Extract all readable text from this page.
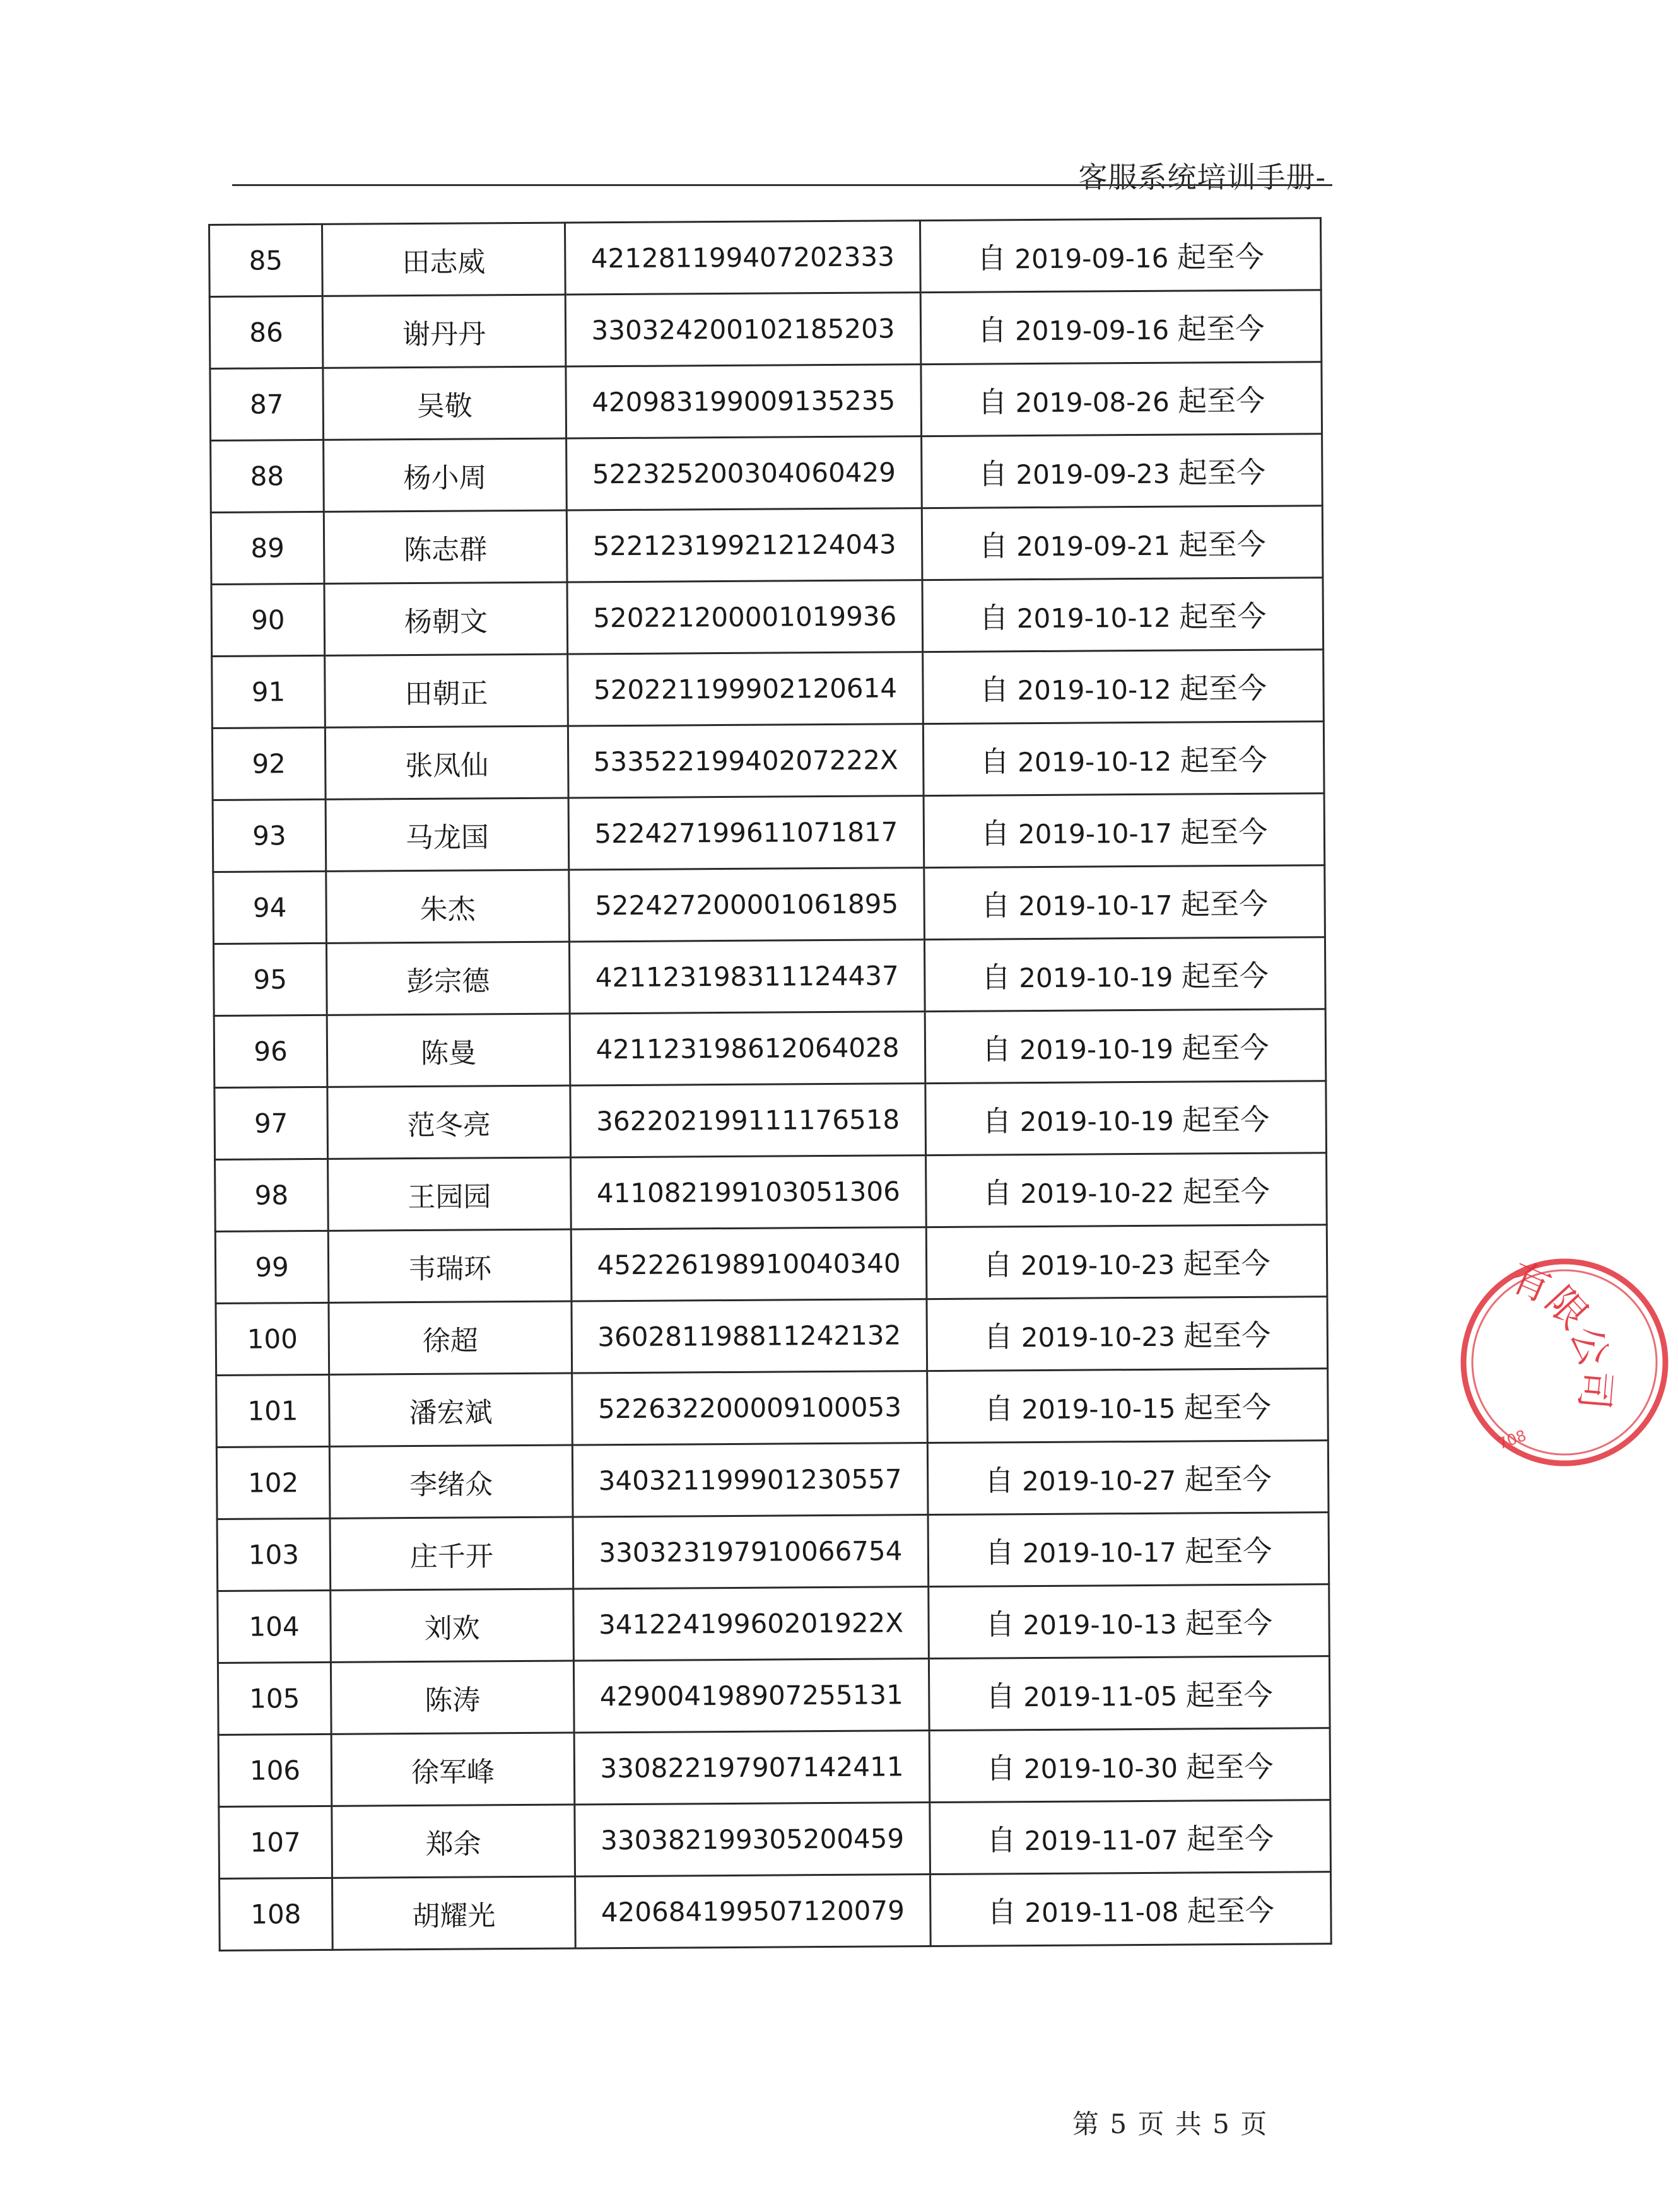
客服系统培训手册-
85	田志威	421281199407202333	自 2019-09-16 起至今
86	谢丹丹	330324200102185203	自 2019-09-16 起至今
87	吴敬	420983199009135235	自 2019-08-26 起至今
88	杨小周	522325200304060429	自 2019-09-23 起至今
89	陈志群	522123199212124043	自 2019-09-21 起至今
90	杨朝文	520221200001019936	自 2019-10-12 起至今
91	田朝正	520221199902120614	自 2019-10-12 起至今
92	张凤仙	53352219940207222X	自 2019-10-12 起至今
93	马龙国	522427199611071817	自 2019-10-17 起至今
94	朱杰	522427200001061895	自 2019-10-17 起至今
95	彭宗德	421123198311124437	自 2019-10-19 起至今
96	陈曼	421123198612064028	自 2019-10-19 起至今
97	范冬亮	362202199111176518	自 2019-10-19 起至今
98	王园园	411082199103051306	自 2019-10-22 起至今
99	韦瑞环	452226198910040340	自 2019-10-23 起至今
100	徐超	360281198811242132	自 2019-10-23 起至今
101	潘宏斌	522632200009100053	自 2019-10-15 起至今
102	李绪众	340321199901230557	自 2019-10-27 起至今
103	庄千开	330323197910066754	自 2019-10-17 起至今
104	刘欢	34122419960201922X	自 2019-10-13 起至今
105	陈涛	429004198907255131	自 2019-11-05 起至今
106	徐军峰	330822197907142411	自 2019-10-30 起至今
107	郑余	330382199305200459	自 2019-11-07 起至今
108	胡耀光	420684199507120079	自 2019-11-08 起至今
有限公司
708
第 5 页 共 5 页
